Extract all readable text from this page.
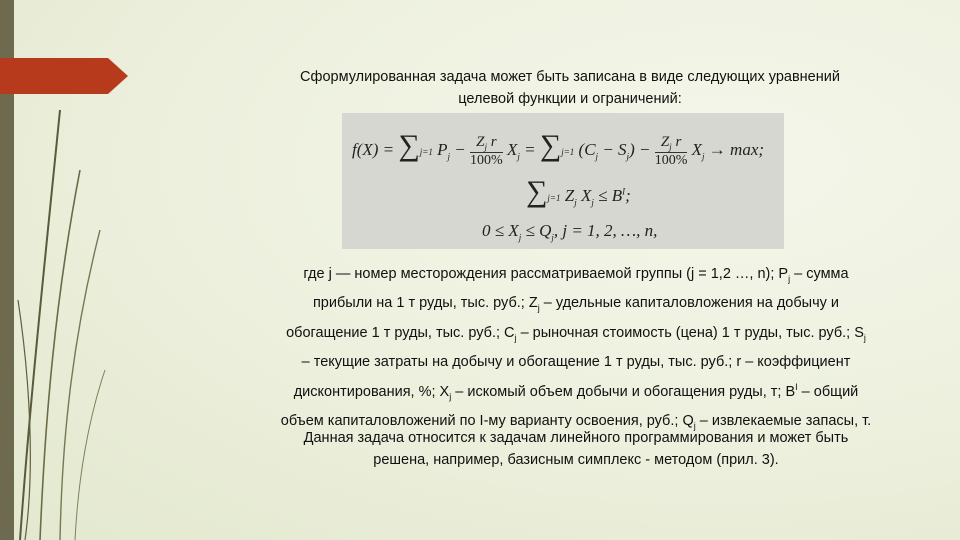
Сформулированная задача может быть записана в виде следующих уравнений
целевой функции и ограничений:
f(X) = ∑j=1 $P_j - \frac{Z_j r}{100\%} X_j = \sum j=1$ $(C_j - S_j) - \frac{Z_j r}{100\%} X_j \to \max$;
∑j=1 $Z_j$ $X_j \le B^I$;
$0 \le X_j \le Q_j$, j = 1, 2, …, n,
где j — номер месторождения рассматриваемой группы (j = 1,2 …, n); $P_j$ – сумма
прибыли на 1 т руды, тыс. руб.; $Z_j$ – удельные капиталовложения на добычу и
обогащение 1 т руды, тыс. руб.; $C_j$ – рыночная стоимость (цена) 1 т руды, тыс. руб.; $S_j$
– текущие затраты на добычу и обогащение 1 т руды, тыс. руб.; r – коэффициент
дисконтирования, %; $X_j$ – искомый объем добычи и обогащения руды, т; $B^I$ – общий
объем капиталовложений по I-му варианту освоения, руб.; $Q_j$ – извлекаемые запасы, т.
Данная задача относится к задачам линейного программирования и может быть
решена, например, базисным симплекс - методом (прил. 3).
